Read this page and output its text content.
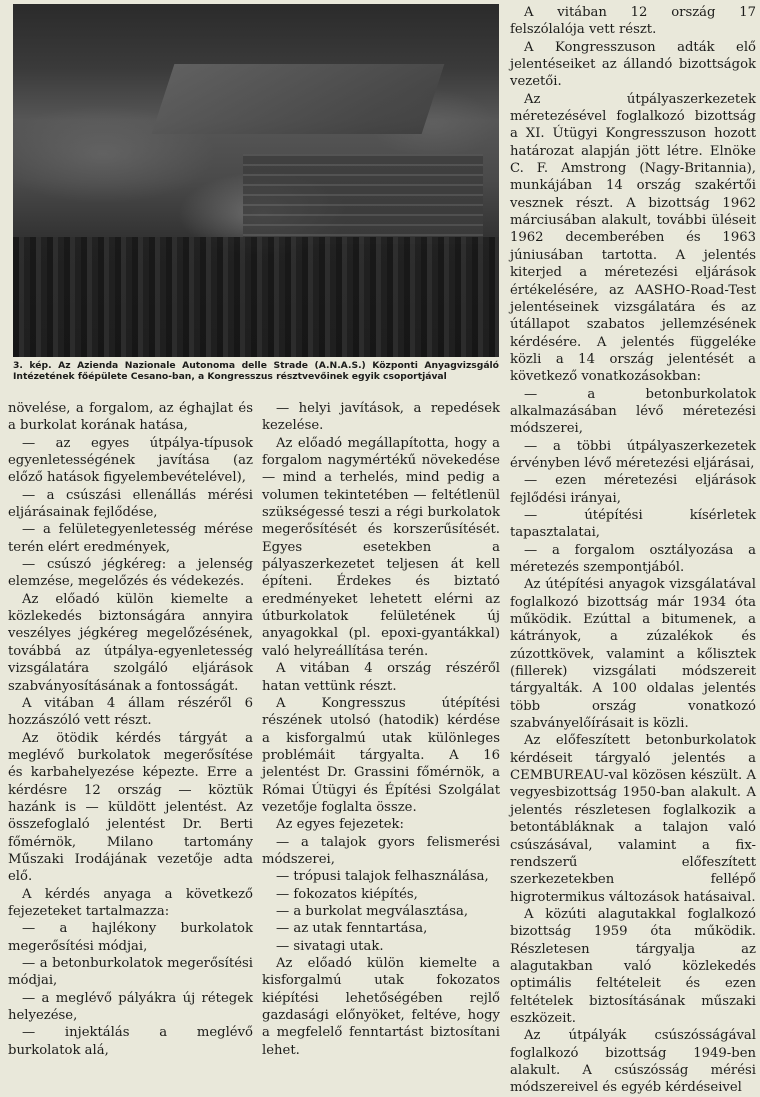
3. kép. Az Azienda Nazionale Autonoma delle Strade (A.N.A.S.) Központi Anyagvizsgáló Intézetének főépülete Cesano-ban, a Kongresszus résztvevőinek egyik csoportjával

növelése, a forgalom, az éghajlat és a burkolat korának hatása,

— az egyes útpálya-típusok egyenletességének javítása (az előző hatások figyelembevételével),

— a csúszási ellenállás mérési eljárásainak fejlődése,

— a felületegyenletesség mérése terén elért eredmények,

— csúszó jégkéreg: a jelenség elemzése, megelőzés és védekezés.

Az előadó külön kiemelte a közlekedés biztonságára annyira veszélyes jégkéreg megelőzésének, továbbá az útpálya-egyenletesség vizsgálatára szolgáló eljárások szabványosításának a fontosságát.

A vitában 4 állam részéről 6 hozzászóló vett részt.

Az ötödik kérdés tárgyát a meglévő burkolatok megerősítése és karbahelyezése képezte. Erre a kérdésre 12 ország — köztük hazánk is — küldött jelentést. Az összefoglaló jelentést Dr. Berti főmérnök, Milano tartomány Műszaki Irodájának vezetője adta elő.

A kérdés anyaga a következő fejezeteket tartalmazza:

— a hajlékony burkolatok megerősítési módjai,

— a betonburkolatok megerősítési módjai,

— a meglévő pályákra új rétegek helyezése,

— injektálás a meglévő burkolatok alá,

— helyi javítások, a repedések kezelése.

Az előadó megállapította, hogy a forgalom nagymértékű növekedése — mind a terhelés, mind pedig a volumen tekintetében — feltétlenül szükségessé teszi a régi burkolatok megerősítését és korszerűsítését. Egyes esetekben a pályaszerkezetet teljesen át kell építeni. Érdekes és biztató eredményeket lehetett elérni az útburkolatok felületének új anyagokkal (pl. epoxi-gyantákkal) való helyreállítása terén.

A vitában 4 ország részéről hatan vettünk részt.

A Kongresszus útépítési részének utolsó (hatodik) kérdése a kisforgalmú utak különleges problémáit tárgyalta. A 16 jelentést Dr. Grassini főmérnök, a Római Útügyi és Építési Szolgálat vezetője foglalta össze.

Az egyes fejezetek:

— a talajok gyors felismerési módszerei,

— trópusi talajok felhasználása,

— fokozatos kiépítés,

— a burkolat megválasztása,

— az utak fenntartása,

— sivatagi utak.

Az előadó külön kiemelte a kisforgalmú utak fokozatos kiépítési lehetőségében rejlő gazdasági előnyöket, feltéve, hogy a megfelelő fenntartást biztosítani lehet.

A vitában 12 ország 17 felszólalója vett részt.

A Kongresszuson adták elő jelentéseiket az állandó bizottságok vezetői.

Az útpályaszerkezetek méretezésével foglalkozó bizottság a XI. Útügyi Kongresszuson hozott határozat alapján jött létre. Elnöke C. F. Amstrong (Nagy-Britannia), munkájában 14 ország szakértői vesznek részt. A bizottság 1962 márciusában alakult, további üléseit 1962 decemberében és 1963 júniusában tartotta. A jelentés kiterjed a méretezési eljárások értékelésére, az AASHO-Road-Test jelentéseinek vizsgálatára és az útállapot szabatos jellemzésének kérdésére. A jelentés függeléke közli a 14 ország jelentését a következő vonatkozásokban:

— a betonburkolatok alkalmazásában lévő méretezési módszerei,

— a többi útpályaszerkezetek érvényben lévő méretezési eljárásai,

— ezen méretezési eljárások fejlődési irányai,

— útépítési kísérletek tapasztalatai,

— a forgalom osztályozása a méretezés szempontjából.

Az útépítési anyagok vizsgálatával foglalkozó bizottság már 1934 óta működik. Ezúttal a bitumenek, a kátrányok, a zúzalékok és zúzottkövek, valamint a kőlisztek (fillerek) vizsgálati módszereit tárgyalták. A 100 oldalas jelentés több ország vonatkozó szabványelőírásait is közli.

Az előfeszített betonburkolatok kérdéseit tárgyaló jelentés a CEMBUREAU-val közösen készült. A vegyesbizottság 1950-ban alakult. A jelentés részletesen foglalkozik a betontábláknak a talajon való csúszásával, valamint a fix-rendszerű előfeszített szerkezetekben fellépő higrotermikus változások hatásaival.

A közúti alagutakkal foglalkozó bizottság 1959 óta működik. Részletesen tárgyalja az alagutakban való közlekedés optimális feltételeit és ezen feltételek biztosításának műszaki eszközeit.

Az útpályák csúszósságával foglalkozó bizottság 1949-ben alakult. A csúszósság mérési módszereivel és egyéb kérdéseivel
